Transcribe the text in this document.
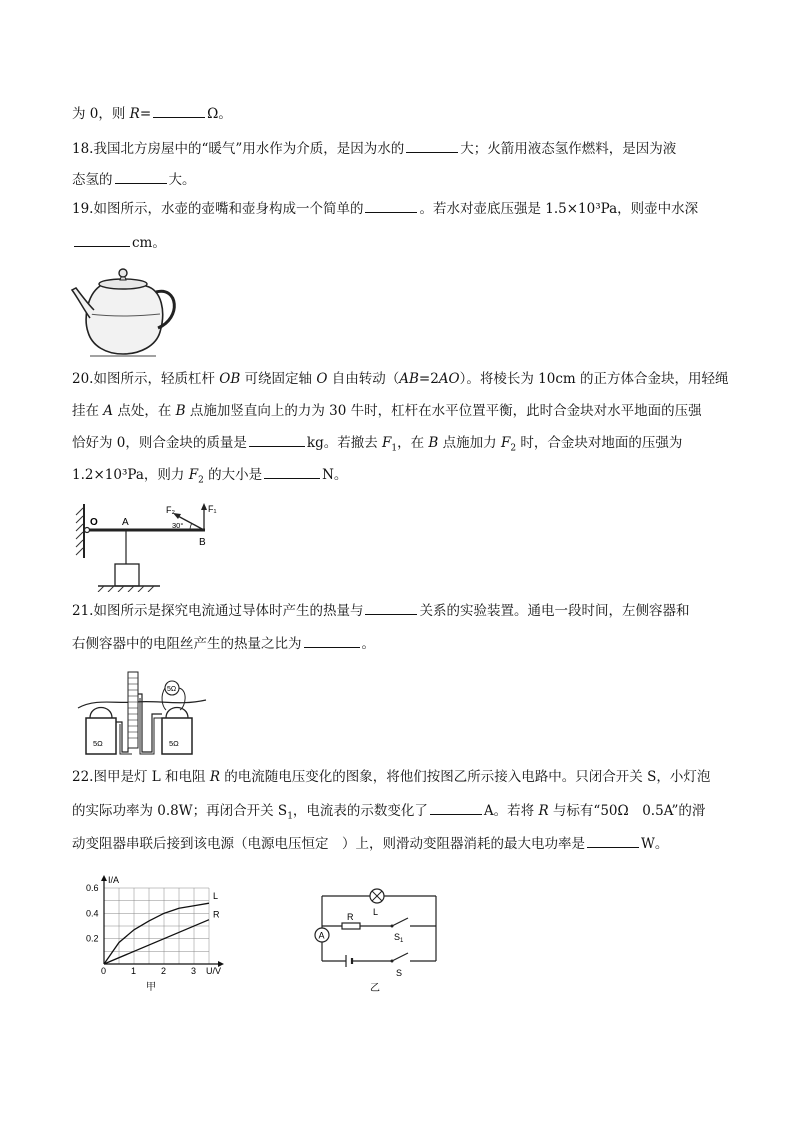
为 0，则 R=	Ω。
18.我国北方房屋中的“暖气”用水作为介质，是因为水的	大；火箭用液态氢作燃料，是因为液
态氢的	大。
19.如图所示，水壶的壶嘴和壶身构成一个简单的	。若水对壶底压强是 1.5×10³Pa，则壶中水深
cm。
20.如图所示，轻质杠杆 OB 可绕固定轴 O 自由转动（AB=2AO）。将棱长为 10cm 的正方体合金块，用轻绳
挂在 A 点处，在 B 点施加竖直向上的力为 30 牛时，杠杆在水平位置平衡，此时合金块对水平地面的压强
恰好为 0，则合金块的质量是	kg。若撤去 $F_1$，在 B 点施加力 $F_2$ 时，合金块对地面的压强为
1.2×10³Pa，则力 $F_2$ 的大小是	N。
O A
B
F₁
F₂
30°
21.如图所示是探究电流通过导体时产生的热量与	关系的实验装置。通电一段时间，左侧容器和
右侧容器中的电阻丝产生的热量之比为	。
5Ω	5Ω
5Ω
22.图甲是灯 L 和电阻 R 的电流随电压变化的图象，将他们按图乙所示接入电路中。只闭合开关 S，小灯泡
的实际功率为 0.8W；再闭合开关 $S_1$，电流表的示数变化了	A。若将 R 与标有“50Ω　0.5A”的滑
动变阻器串联后接到该电源（电源电压恒定　）上，则滑动变阻器消耗的最大电功率是	W。
0	1	2	3
0.2
0.4
0.6
L
R
I/A
U/V
甲
L
R
$S_1$
A
S
乙
